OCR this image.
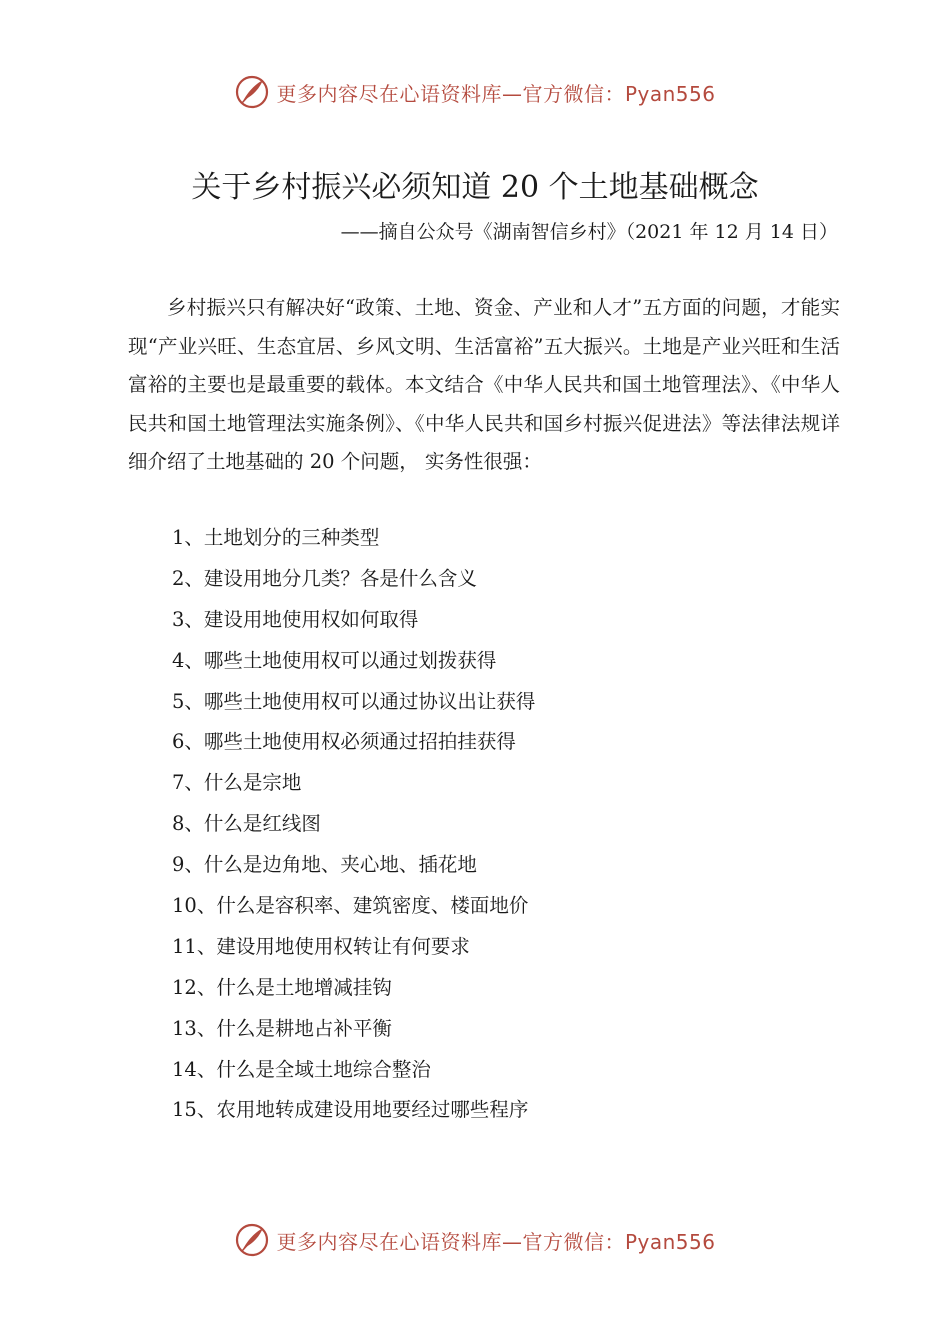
更多内容尽在心语资料库—官方微信：Pyan556
关于乡村振兴必须知道 20 个土地基础概念
——摘自公众号《湖南智信乡村》（2021 年 12 月 14 日）

乡村振兴只有解决好“政策、土地、资金、产业和人才”五方面的问题，才能实现“产业兴旺、生态宜居、乡风文明、生活富裕”五大振兴。土地是产业兴旺和生活富裕的主要也是最重要的载体。本文结合《中华人民共和国土地管理法》、《中华人民共和国土地管理法实施条例》、《中华人民共和国乡村振兴促进法》等法律法规详细介绍了土地基础的 20 个问题， 实务性很强：

1、土地划分的三种类型
2、建设用地分几类？各是什么含义
3、建设用地使用权如何取得
4、哪些土地使用权可以通过划拨获得
5、哪些土地使用权可以通过协议出让获得
6、哪些土地使用权必须通过招拍挂获得
7、什么是宗地
8、什么是红线图
9、什么是边角地、夹心地、插花地
10、什么是容积率、建筑密度、楼面地价
11、建设用地使用权转让有何要求
12、什么是土地增减挂钩
13、什么是耕地占补平衡
14、什么是全域土地综合整治
15、农用地转成建设用地要经过哪些程序
更多内容尽在心语资料库—官方微信：Pyan556
